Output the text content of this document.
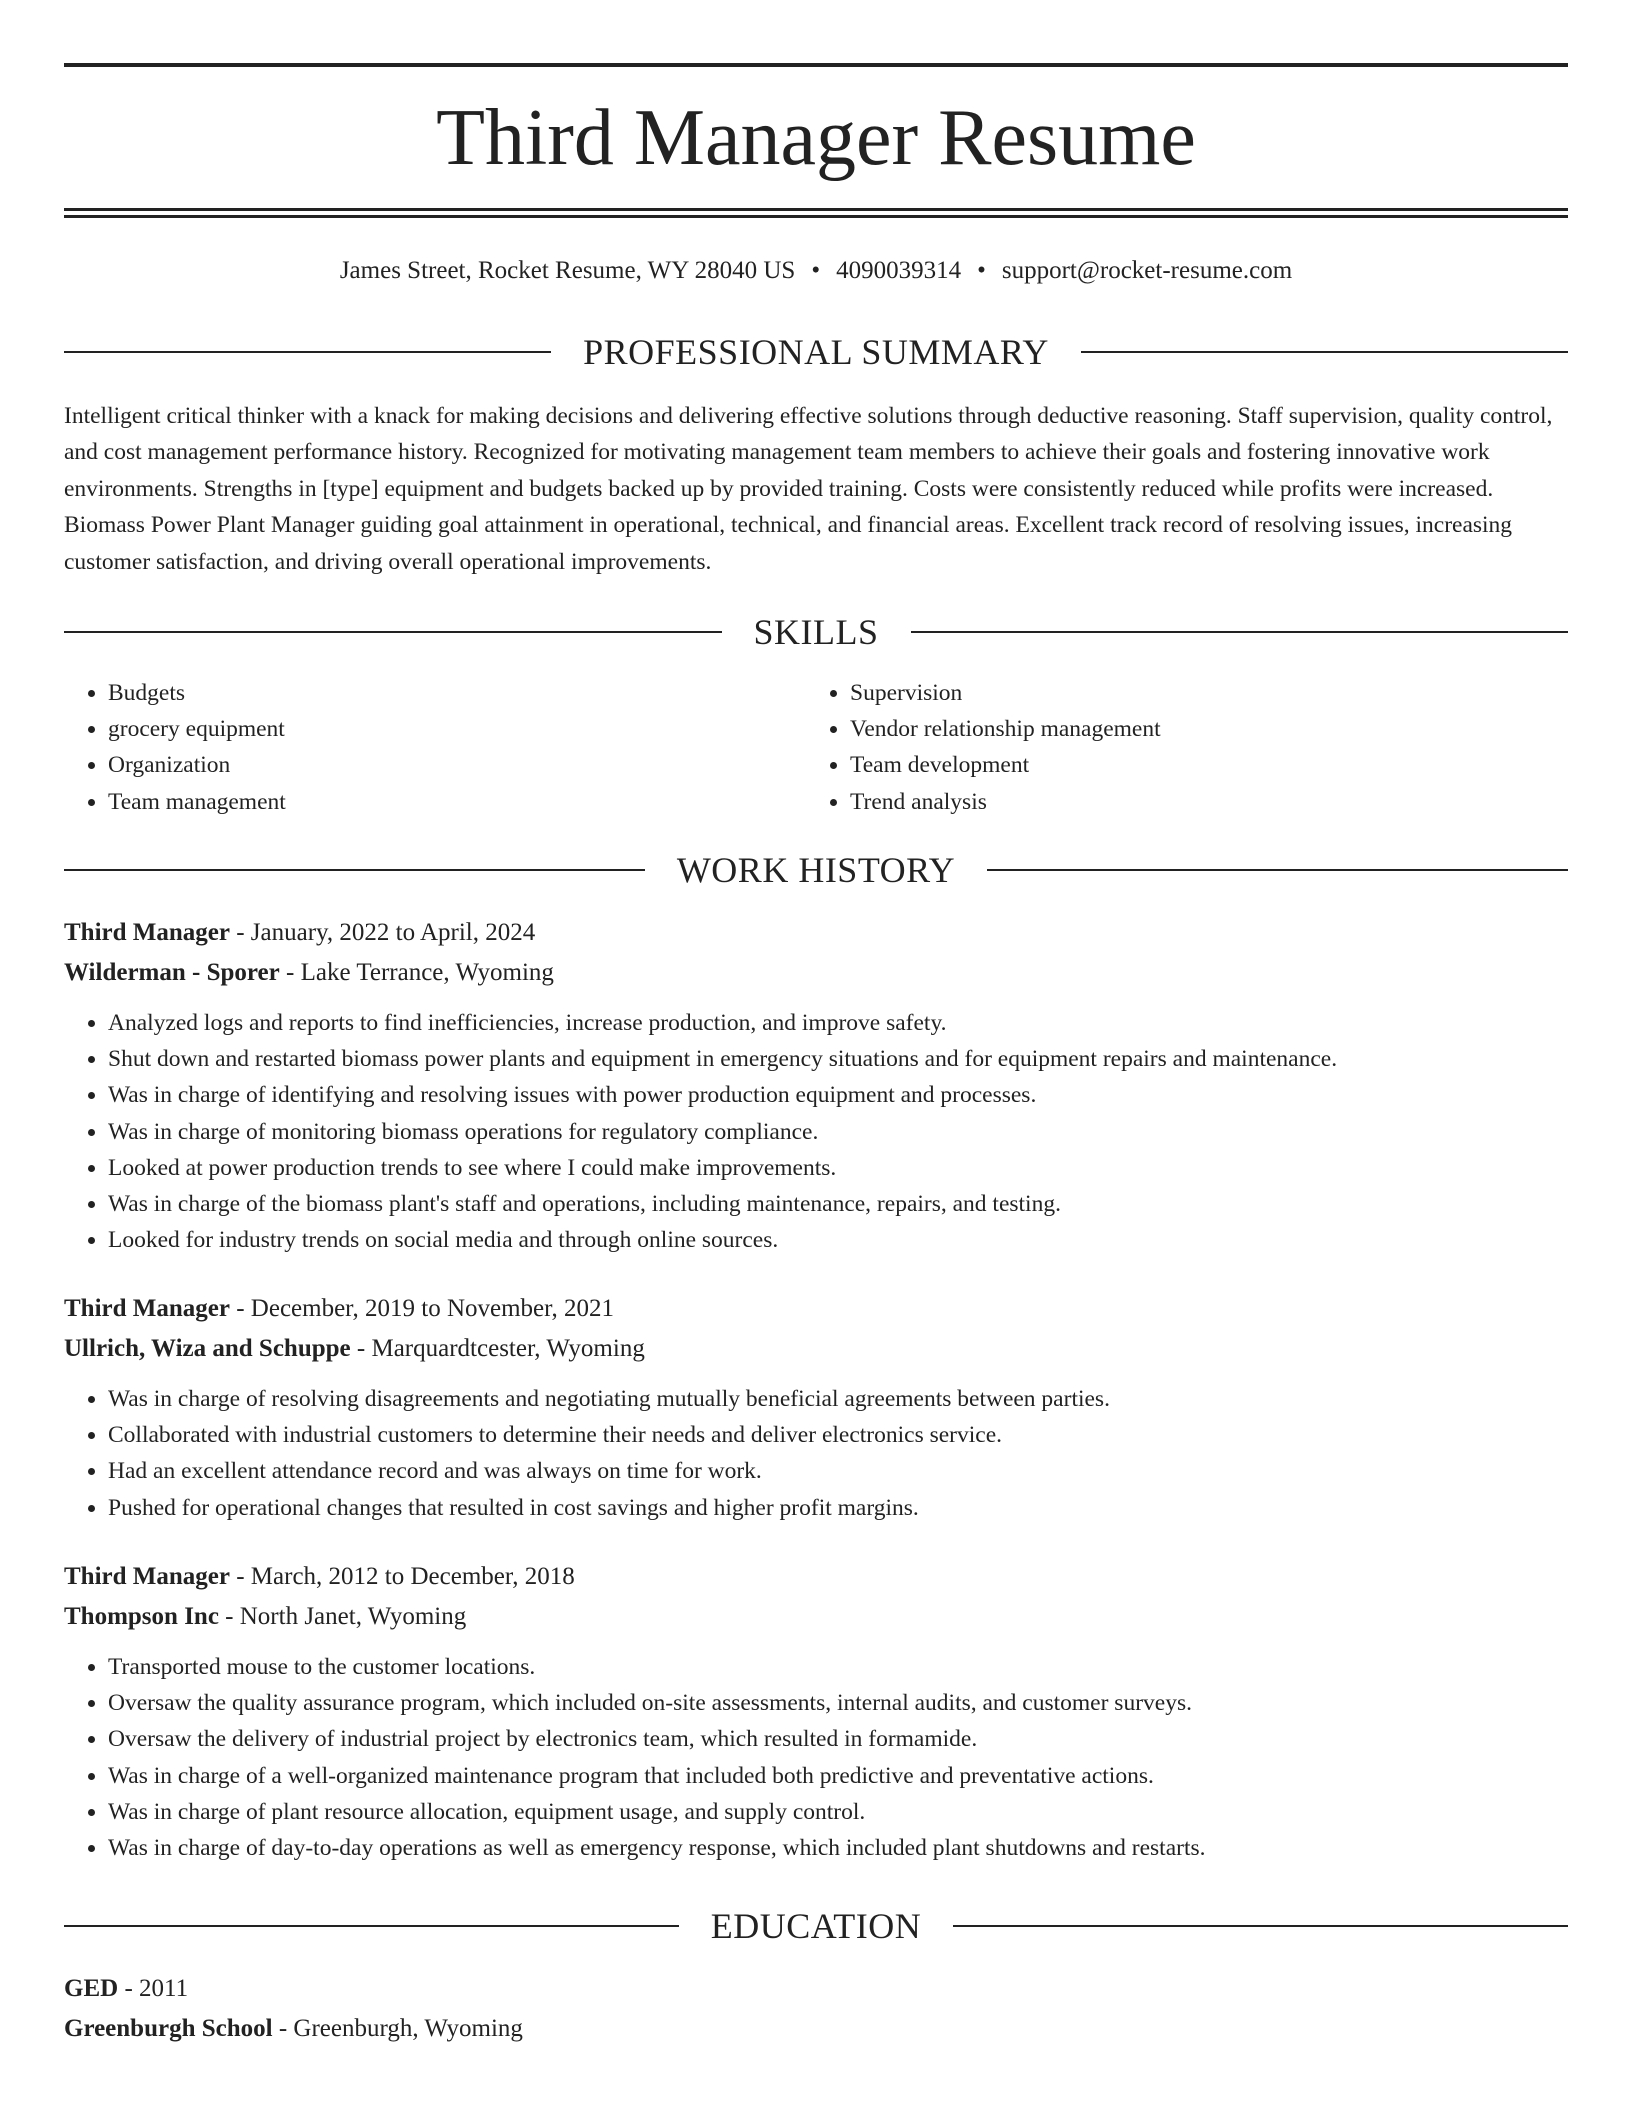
Third Manager Resume
James Street, Rocket Resume, WY 28040 US • 4090039314 • support@rocket-resume.com
PROFESSIONAL SUMMARY

Intelligent critical thinker with a knack for making decisions and delivering effective solutions through deductive reasoning. Staff supervision, quality control, and cost management performance history. Recognized for motivating management team members to achieve their goals and fostering innovative work environments. Strengths in [type] equipment and budgets backed up by provided training. Costs were consistently reduced while profits were increased. Biomass Power Plant Manager guiding goal attainment in operational, technical, and financial areas. Excellent track record of resolving issues, increasing customer satisfaction, and driving overall operational improvements.

SKILLS
• Budgets
• grocery equipment
• Organization
• Team management
• Supervision
• Vendor relationship management
• Team development
• Trend analysis
WORK HISTORY
Third Manager - January, 2022 to April, 2024
Wilderman - Sporer - Lake Terrance, Wyoming
• Analyzed logs and reports to find inefficiencies, increase production, and improve safety.
• Shut down and restarted biomass power plants and equipment in emergency situations and for equipment repairs and maintenance.
• Was in charge of identifying and resolving issues with power production equipment and processes.
• Was in charge of monitoring biomass operations for regulatory compliance.
• Looked at power production trends to see where I could make improvements.
• Was in charge of the biomass plant's staff and operations, including maintenance, repairs, and testing.
• Looked for industry trends on social media and through online sources.
Third Manager - December, 2019 to November, 2021
Ullrich, Wiza and Schuppe - Marquardtcester, Wyoming
• Was in charge of resolving disagreements and negotiating mutually beneficial agreements between parties.
• Collaborated with industrial customers to determine their needs and deliver electronics service.
• Had an excellent attendance record and was always on time for work.
• Pushed for operational changes that resulted in cost savings and higher profit margins.
Third Manager - March, 2012 to December, 2018
Thompson Inc - North Janet, Wyoming
• Transported mouse to the customer locations.
• Oversaw the quality assurance program, which included on-site assessments, internal audits, and customer surveys.
• Oversaw the delivery of industrial project by electronics team, which resulted in formamide.
• Was in charge of a well-organized maintenance program that included both predictive and preventative actions.
• Was in charge of plant resource allocation, equipment usage, and supply control.
• Was in charge of day-to-day operations as well as emergency response, which included plant shutdowns and restarts.
EDUCATION
GED - 2011
Greenburgh School - Greenburgh, Wyoming
